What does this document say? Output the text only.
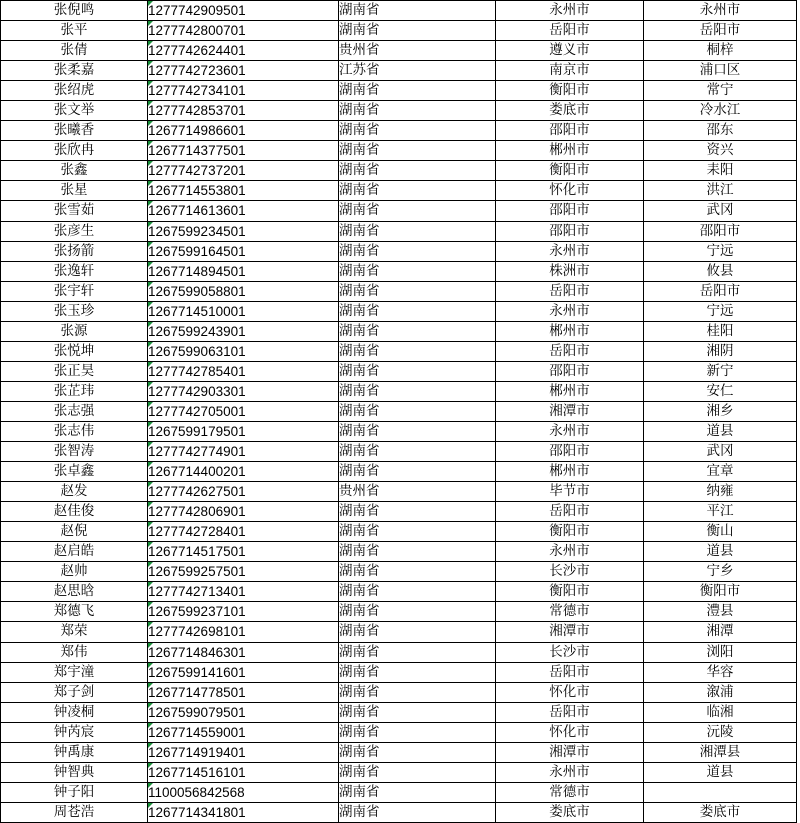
张倪鸣	1277742909501	湖南省	永州市	永州市
张平	1277742800701	湖南省	岳阳市	岳阳市
张倩	1277742624401	贵州省	遵义市	桐梓
张柔嘉	1277742723601	江苏省	南京市	浦口区
张绍虎	1277742734101	湖南省	衡阳市	常宁
张文举	1277742853701	湖南省	娄底市	冷水江
张曦香	1267714986601	湖南省	邵阳市	邵东
张欣冉	1267714377501	湖南省	郴州市	资兴
张鑫	1277742737201	湖南省	衡阳市	耒阳
张星	1267714553801	湖南省	怀化市	洪江
张雪茹	1267714613601	湖南省	邵阳市	武冈
张彦生	1267599234501	湖南省	邵阳市	邵阳市
张扬箭	1267599164501	湖南省	永州市	宁远
张逸轩	1267714894501	湖南省	株洲市	攸县
张宇轩	1267599058801	湖南省	岳阳市	岳阳市
张玉珍	1267714510001	湖南省	永州市	宁远
张源	1267599243901	湖南省	郴州市	桂阳
张悦坤	1267599063101	湖南省	岳阳市	湘阴
张正昊	1277742785401	湖南省	邵阳市	新宁
张芷玮	1277742903301	湖南省	郴州市	安仁
张志强	1277742705001	湖南省	湘潭市	湘乡
张志伟	1267599179501	湖南省	永州市	道县
张智涛	1277742774901	湖南省	邵阳市	武冈
张卓鑫	1267714400201	湖南省	郴州市	宜章
赵发	1277742627501	贵州省	毕节市	纳雍
赵佳俊	1277742806901	湖南省	岳阳市	平江
赵倪	1277742728401	湖南省	衡阳市	衡山
赵启皓	1267714517501	湖南省	永州市	道县
赵帅	1267599257501	湖南省	长沙市	宁乡
赵思晗	1277742713401	湖南省	衡阳市	衡阳市
郑德飞	1267599237101	湖南省	常德市	澧县
郑荣	1277742698101	湖南省	湘潭市	湘潭
郑伟	1267714846301	湖南省	长沙市	浏阳
郑宇潼	1267599141601	湖南省	岳阳市	华容
郑子剑	1267714778501	湖南省	怀化市	溆浦
钟凌桐	1267599079501	湖南省	岳阳市	临湘
钟芮宸	1267714559001	湖南省	怀化市	沅陵
钟禹康	1267714919401	湖南省	湘潭市	湘潭县
钟智典	1267714516101	湖南省	永州市	道县
钟子阳	1100056842568	湖南省	常德市	
周苍浩	1267714341801	湖南省	娄底市	娄底市
